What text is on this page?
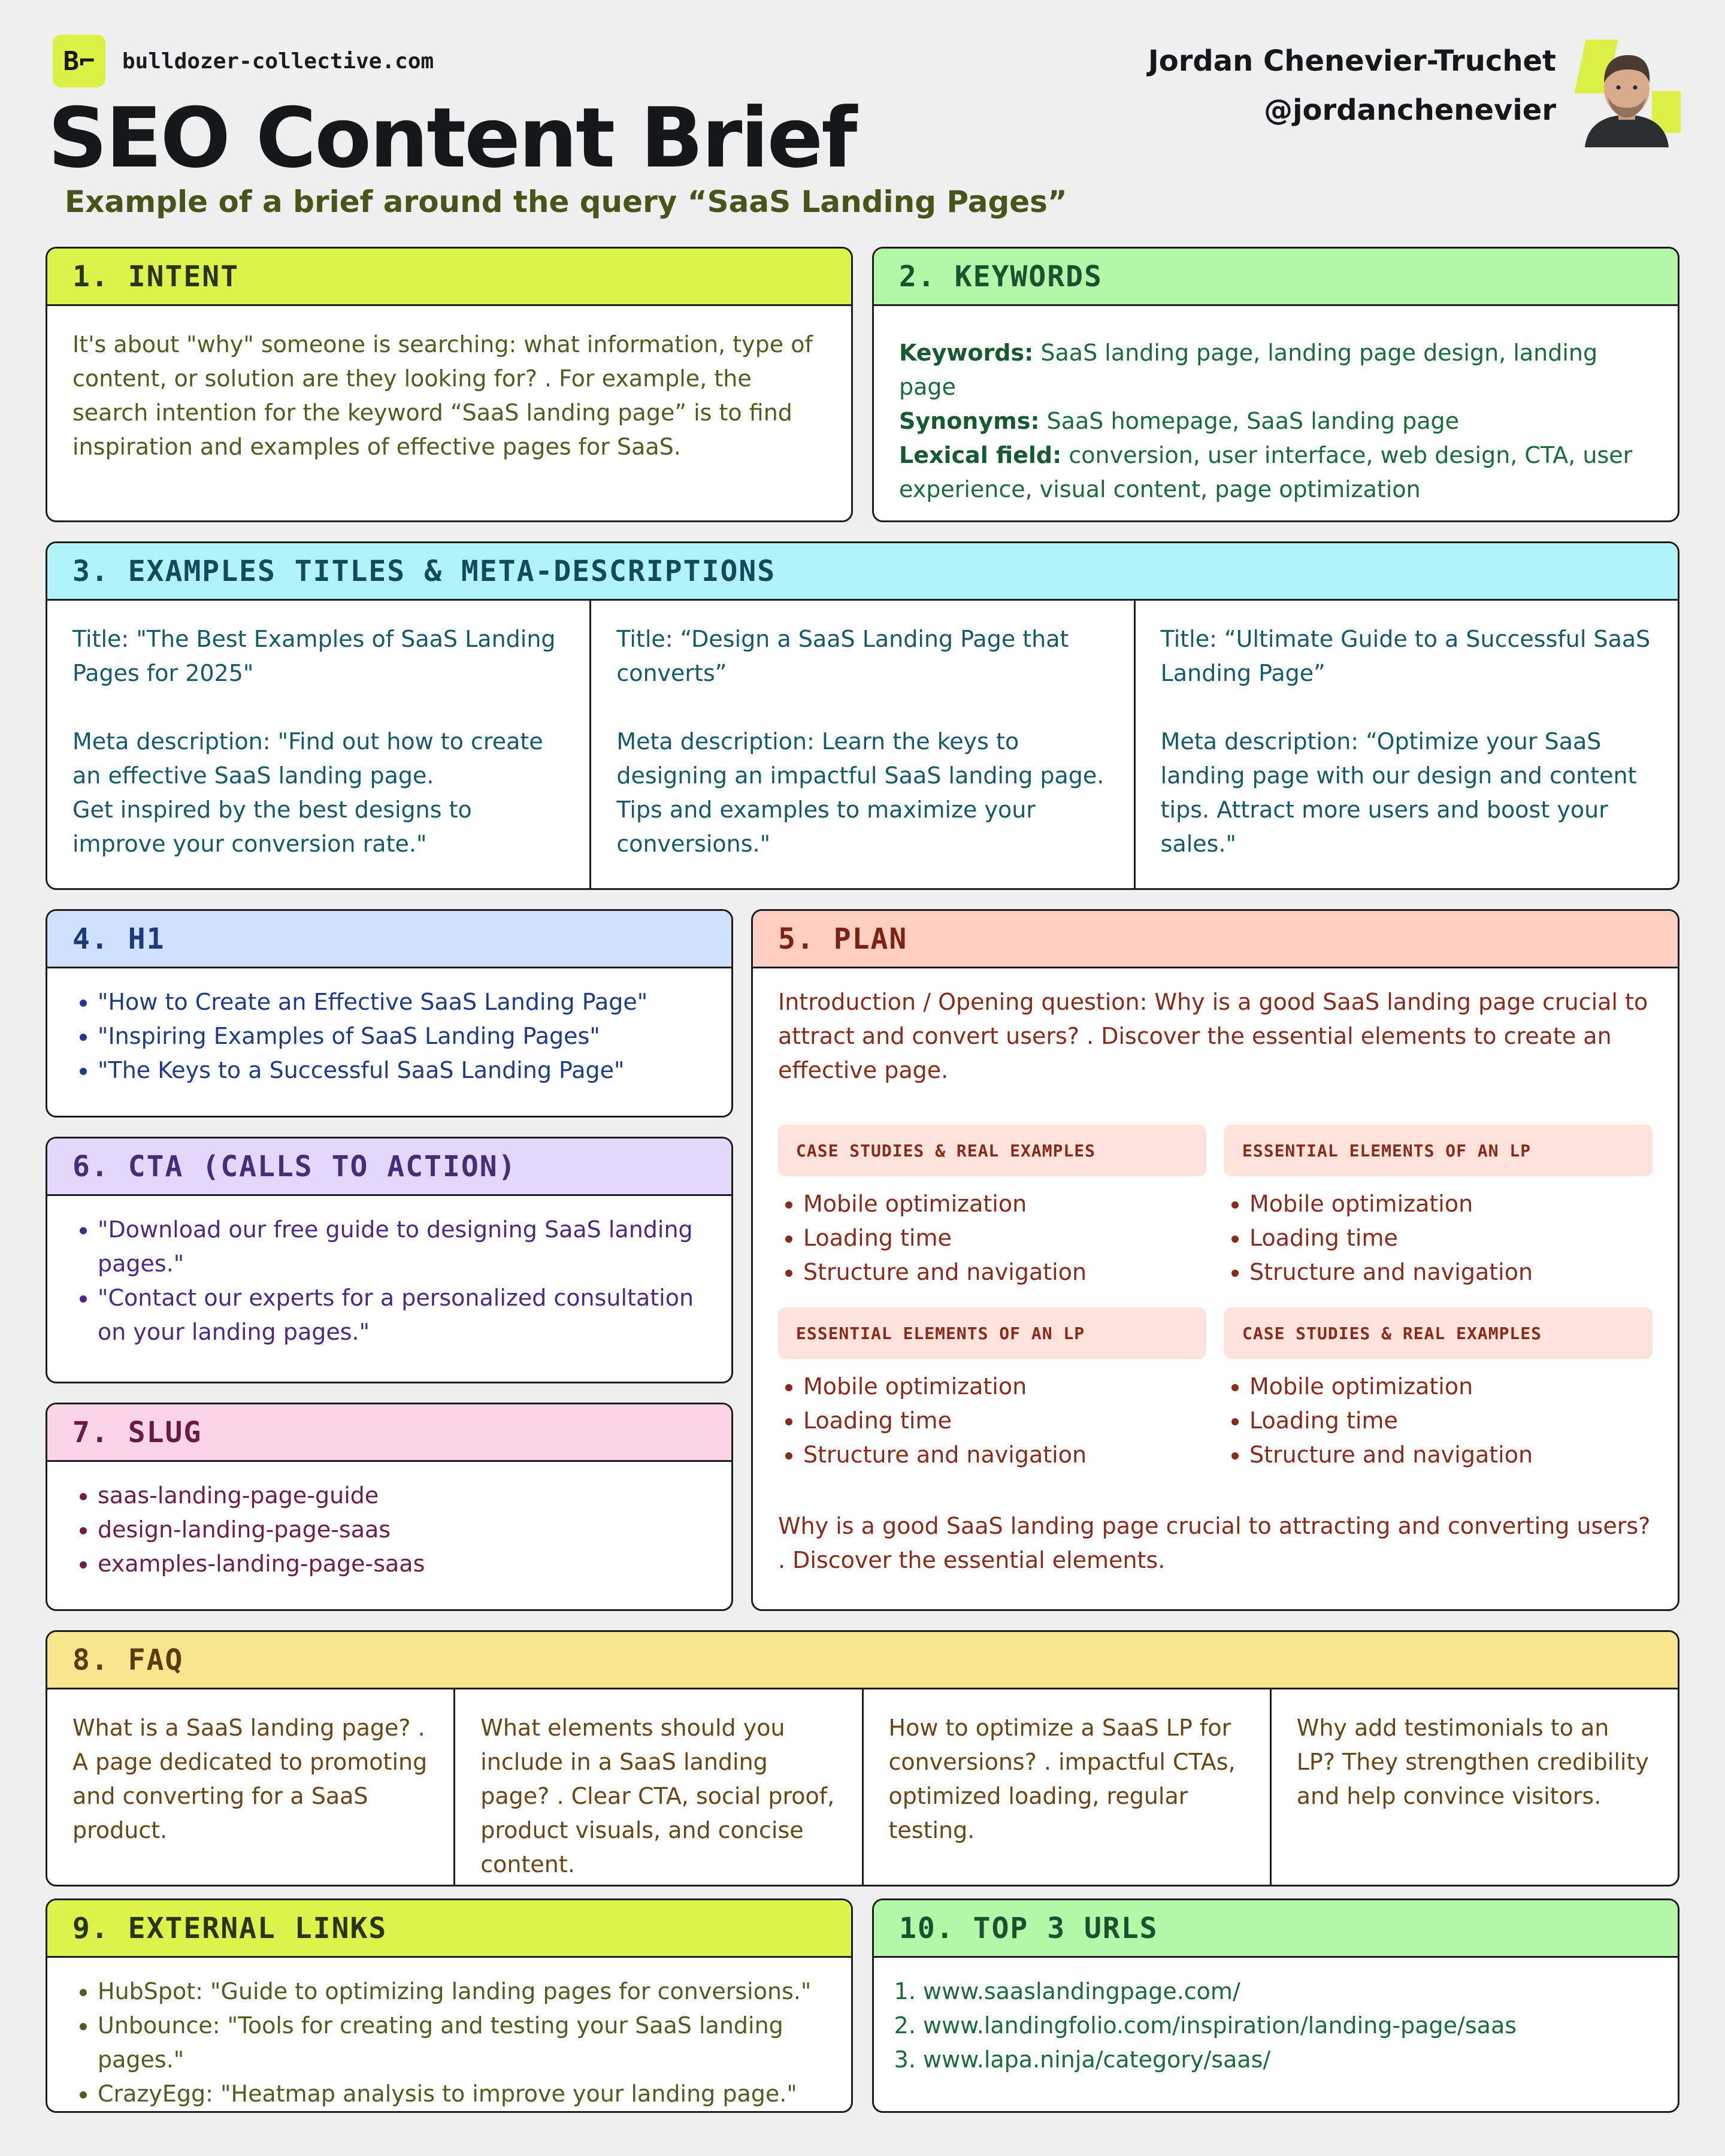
B⌐	bulldozer-collective.com
SEO Content Brief
Example of a brief around the query “SaaS Landing Pages”
Jordan Chenevier-Truchet
@jordanchenevier
1. INTENT

It's about "why" someone is searching: what information, type of content, or solution are they looking for? . For example, the search intention for the keyword “SaaS landing page” is to find inspiration and examples of effective pages for SaaS.

2. KEYWORDS

Keywords: SaaS landing page, landing page design, landing page

Synonyms: SaaS homepage, SaaS landing page

Lexical field: conversion, user interface, web design, CTA, user experience, visual content, page optimization

3. EXAMPLES TITLES & META-DESCRIPTIONS

Title: "The Best Examples of SaaS Landing Pages for 2025"

Meta description: "Find out how to create an effective SaaS landing page.

Get inspired by the best designs to improve your conversion rate."

Title: “Design a SaaS Landing Page that converts”

Meta description: Learn the keys to designing an impactful SaaS landing page. Tips and examples to maximize your conversions."

Title: “Ultimate Guide to a Successful SaaS Landing Page”

Meta description: “Optimize your SaaS landing page with our design and content tips. Attract more users and boost your sales."

4. H1
• "How to Create an Effective SaaS Landing Page"
• "Inspiring Examples of SaaS Landing Pages"
• "The Keys to a Successful SaaS Landing Page"
6. CTA (CALLS TO ACTION)
• "Download our free guide to designing SaaS landing pages."
• "Contact our experts for a personalized consultation on your landing pages."
7. SLUG
• saas-landing-page-guide
• design-landing-page-saas
• examples-landing-page-saas
5. PLAN

Introduction / Opening question: Why is a good SaaS landing page crucial to attract and convert users? . Discover the essential elements to create an effective page.

CASE STUDIES & REAL EXAMPLES
• Mobile optimization
• Loading time
• Structure and navigation
ESSENTIAL ELEMENTS OF AN LP
• Mobile optimization
• Loading time
• Structure and navigation
ESSENTIAL ELEMENTS OF AN LP
• Mobile optimization
• Loading time
• Structure and navigation
CASE STUDIES & REAL EXAMPLES
• Mobile optimization
• Loading time
• Structure and navigation

Why is a good SaaS landing page crucial to attracting and converting users? . Discover the essential elements.

8. FAQ
What is a SaaS landing page? . A page dedicated to promoting and converting for a SaaS product.
What elements should you include in a SaaS landing page? . Clear CTA, social proof, product visuals, and concise content.
How to optimize a SaaS LP for conversions? . impactful CTAs, optimized loading, regular testing.
Why add testimonials to an LP? They strengthen credibility and help convince visitors.
9. EXTERNAL LINKS
• HubSpot: "Guide to optimizing landing pages for conversions."
• Unbounce: "Tools for creating and testing your SaaS landing pages."
• CrazyEgg: "Heatmap analysis to improve your landing page."
10. TOP 3 URLS
1. www.saaslandingpage.com/
2. www.landingfolio.com/inspiration/landing-page/saas
3. www.lapa.ninja/category/saas/
